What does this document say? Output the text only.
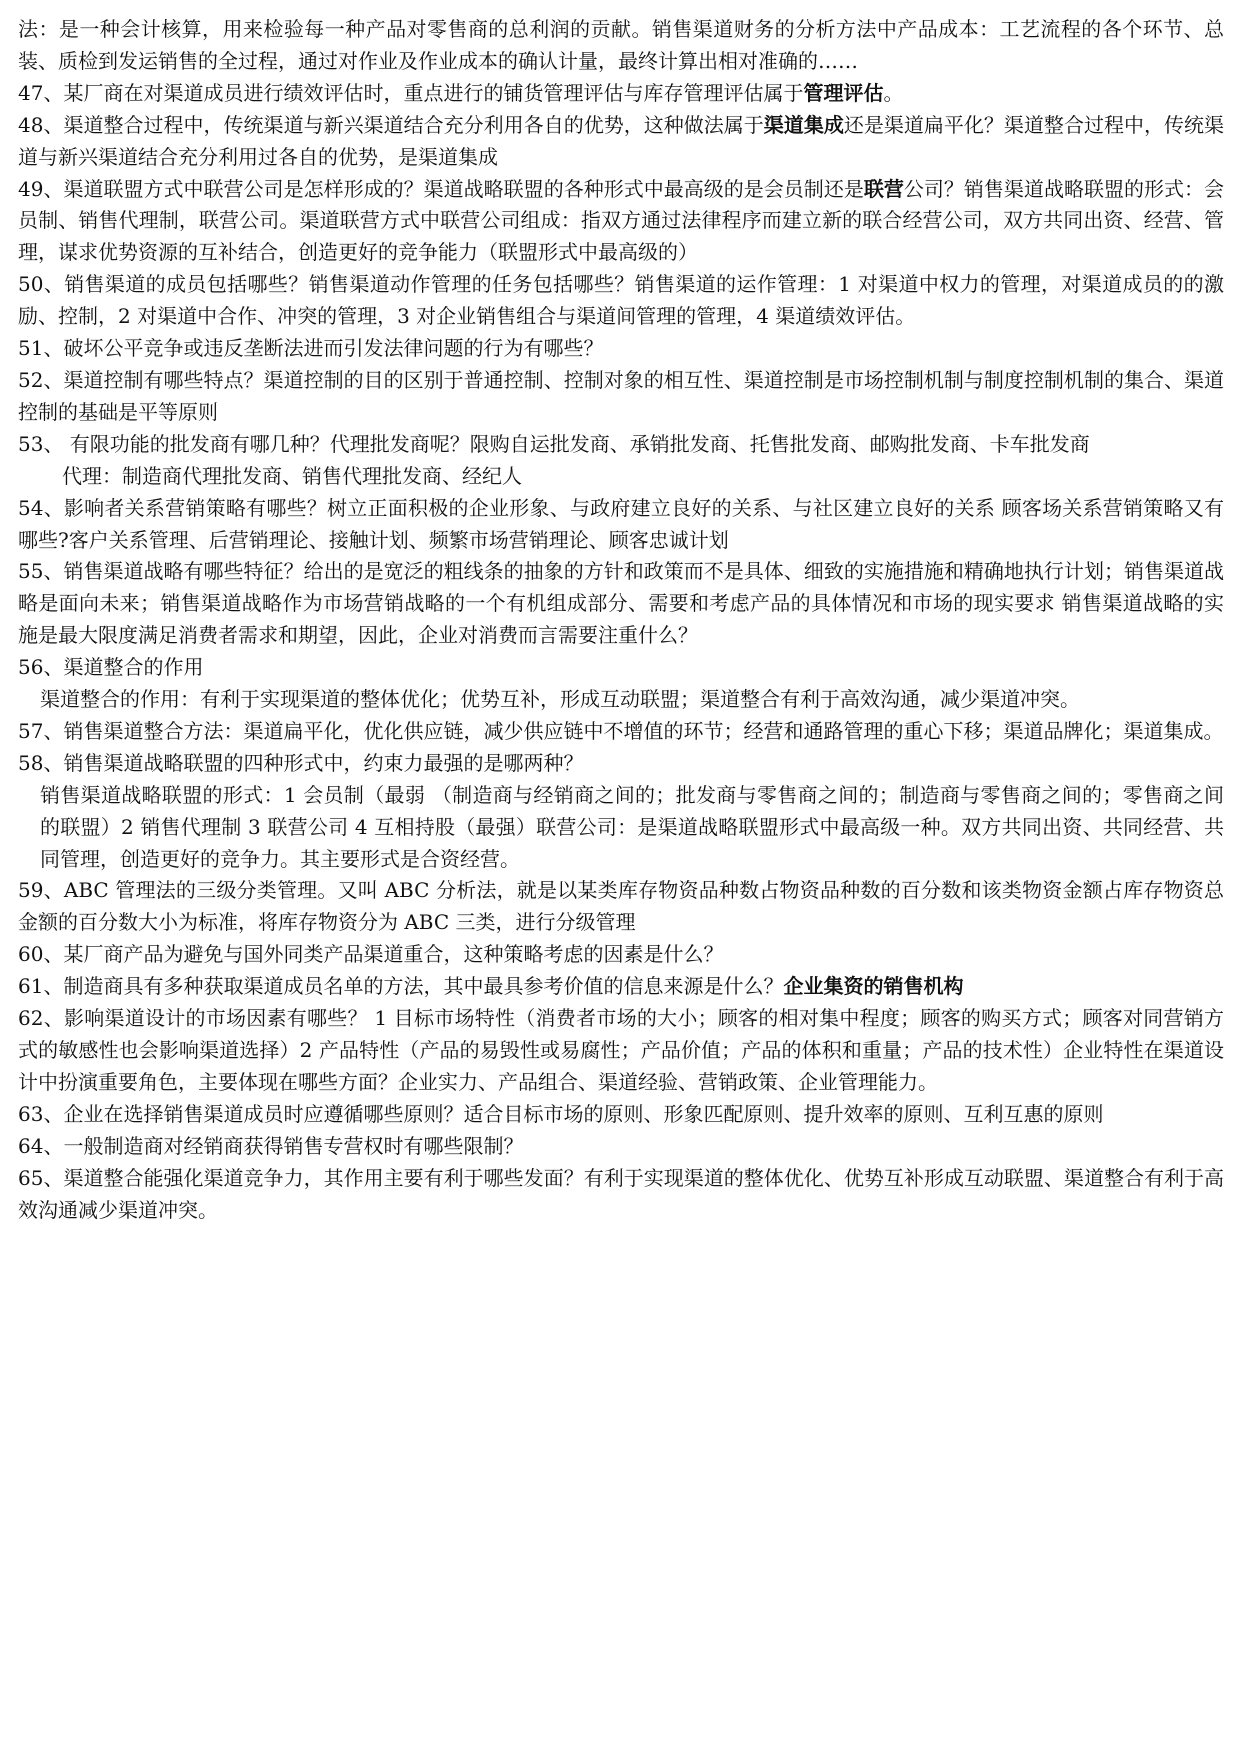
法：是一种会计核算，用来检验每一种产品对零售商的总利润的贡献。销售渠道财务的分析方法中产品成本：工艺流程的各个环节、总装、质检到发运销售的全过程，通过对作业及作业成本的确认计量，最终计算出相对准确的……

47、某厂商在对渠道成员进行绩效评估时，重点进行的铺货管理评估与库存管理评估属于管理评估。

48、渠道整合过程中，传统渠道与新兴渠道结合充分利用各自的优势，这种做法属于渠道集成还是渠道扁平化？渠道整合过程中，传统渠道与新兴渠道结合充分利用过各自的优势，是渠道集成

49、渠道联盟方式中联营公司是怎样形成的？渠道战略联盟的各种形式中最高级的是会员制还是联营公司？销售渠道战略联盟的形式：会员制、销售代理制，联营公司。渠道联营方式中联营公司组成：指双方通过法律程序而建立新的联合经营公司，双方共同出资、经营、管理，谋求优势资源的互补结合，创造更好的竞争能力（联盟形式中最高级的）

50、销售渠道的成员包括哪些？销售渠道动作管理的任务包括哪些？销售渠道的运作管理：1 对渠道中权力的管理，对渠道成员的的激励、控制，2 对渠道中合作、冲突的管理，3 对企业销售组合与渠道间管理的管理，4 渠道绩效评估。

51、破坏公平竞争或违反垄断法进而引发法律问题的行为有哪些？

52、渠道控制有哪些特点？渠道控制的目的区别于普通控制、控制对象的相互性、渠道控制是市场控制机制与制度控制机制的集合、渠道控制的基础是平等原则

53、 有限功能的批发商有哪几种？代理批发商呢？限购自运批发商、承销批发商、托售批发商、邮购批发商、卡车批发商

代理：制造商代理批发商、销售代理批发商、经纪人

54、影响者关系营销策略有哪些？树立正面积极的企业形象、与政府建立良好的关系、与社区建立良好的关系 顾客场关系营销策略又有哪些?客户关系管理、后营销理论、接触计划、频繁市场营销理论、顾客忠诚计划

55、销售渠道战略有哪些特征？给出的是宽泛的粗线条的抽象的方针和政策而不是具体、细致的实施措施和精确地执行计划；销售渠道战略是面向未来；销售渠道战略作为市场营销战略的一个有机组成部分、需要和考虑产品的具体情况和市场的现实要求 销售渠道战略的实施是最大限度满足消费者需求和期望，因此，企业对消费而言需要注重什么？

56、渠道整合的作用

渠道整合的作用：有利于实现渠道的整体优化；优势互补，形成互动联盟；渠道整合有利于高效沟通，减少渠道冲突。

57、销售渠道整合方法：渠道扁平化，优化供应链，减少供应链中不增值的环节；经营和通路管理的重心下移；渠道品牌化；渠道集成。

58、销售渠道战略联盟的四种形式中，约束力最强的是哪两种？

销售渠道战略联盟的形式：1 会员制（最弱 （制造商与经销商之间的；批发商与零售商之间的；制造商与零售商之间的；零售商之间的联盟）2 销售代理制 3 联营公司 4 互相持股（最强）联营公司：是渠道战略联盟形式中最高级一种。双方共同出资、共同经营、共同管理，创造更好的竞争力。其主要形式是合资经营。

59、ABC 管理法的三级分类管理。又叫 ABC 分析法，就是以某类库存物资品种数占物资品种数的百分数和该类物资金额占库存物资总金额的百分数大小为标准，将库存物资分为 ABC 三类，进行分级管理

60、某厂商产品为避免与国外同类产品渠道重合，这种策略考虑的因素是什么？

61、制造商具有多种获取渠道成员名单的方法，其中最具参考价值的信息来源是什么？企业集资的销售机构

62、影响渠道设计的市场因素有哪些？ 1 目标市场特性（消费者市场的大小；顾客的相对集中程度；顾客的购买方式；顾客对同营销方式的敏感性也会影响渠道选择）2 产品特性（产品的易毁性或易腐性；产品价值；产品的体积和重量；产品的技术性）企业特性在渠道设计中扮演重要角色，主要体现在哪些方面？企业实力、产品组合、渠道经验、营销政策、企业管理能力。

63、企业在选择销售渠道成员时应遵循哪些原则？适合目标市场的原则、形象匹配原则、提升效率的原则、互利互惠的原则

64、一般制造商对经销商获得销售专营权时有哪些限制？

65、渠道整合能强化渠道竞争力，其作用主要有利于哪些发面？有利于实现渠道的整体优化、优势互补形成互动联盟、渠道整合有利于高效沟通减少渠道冲突。
